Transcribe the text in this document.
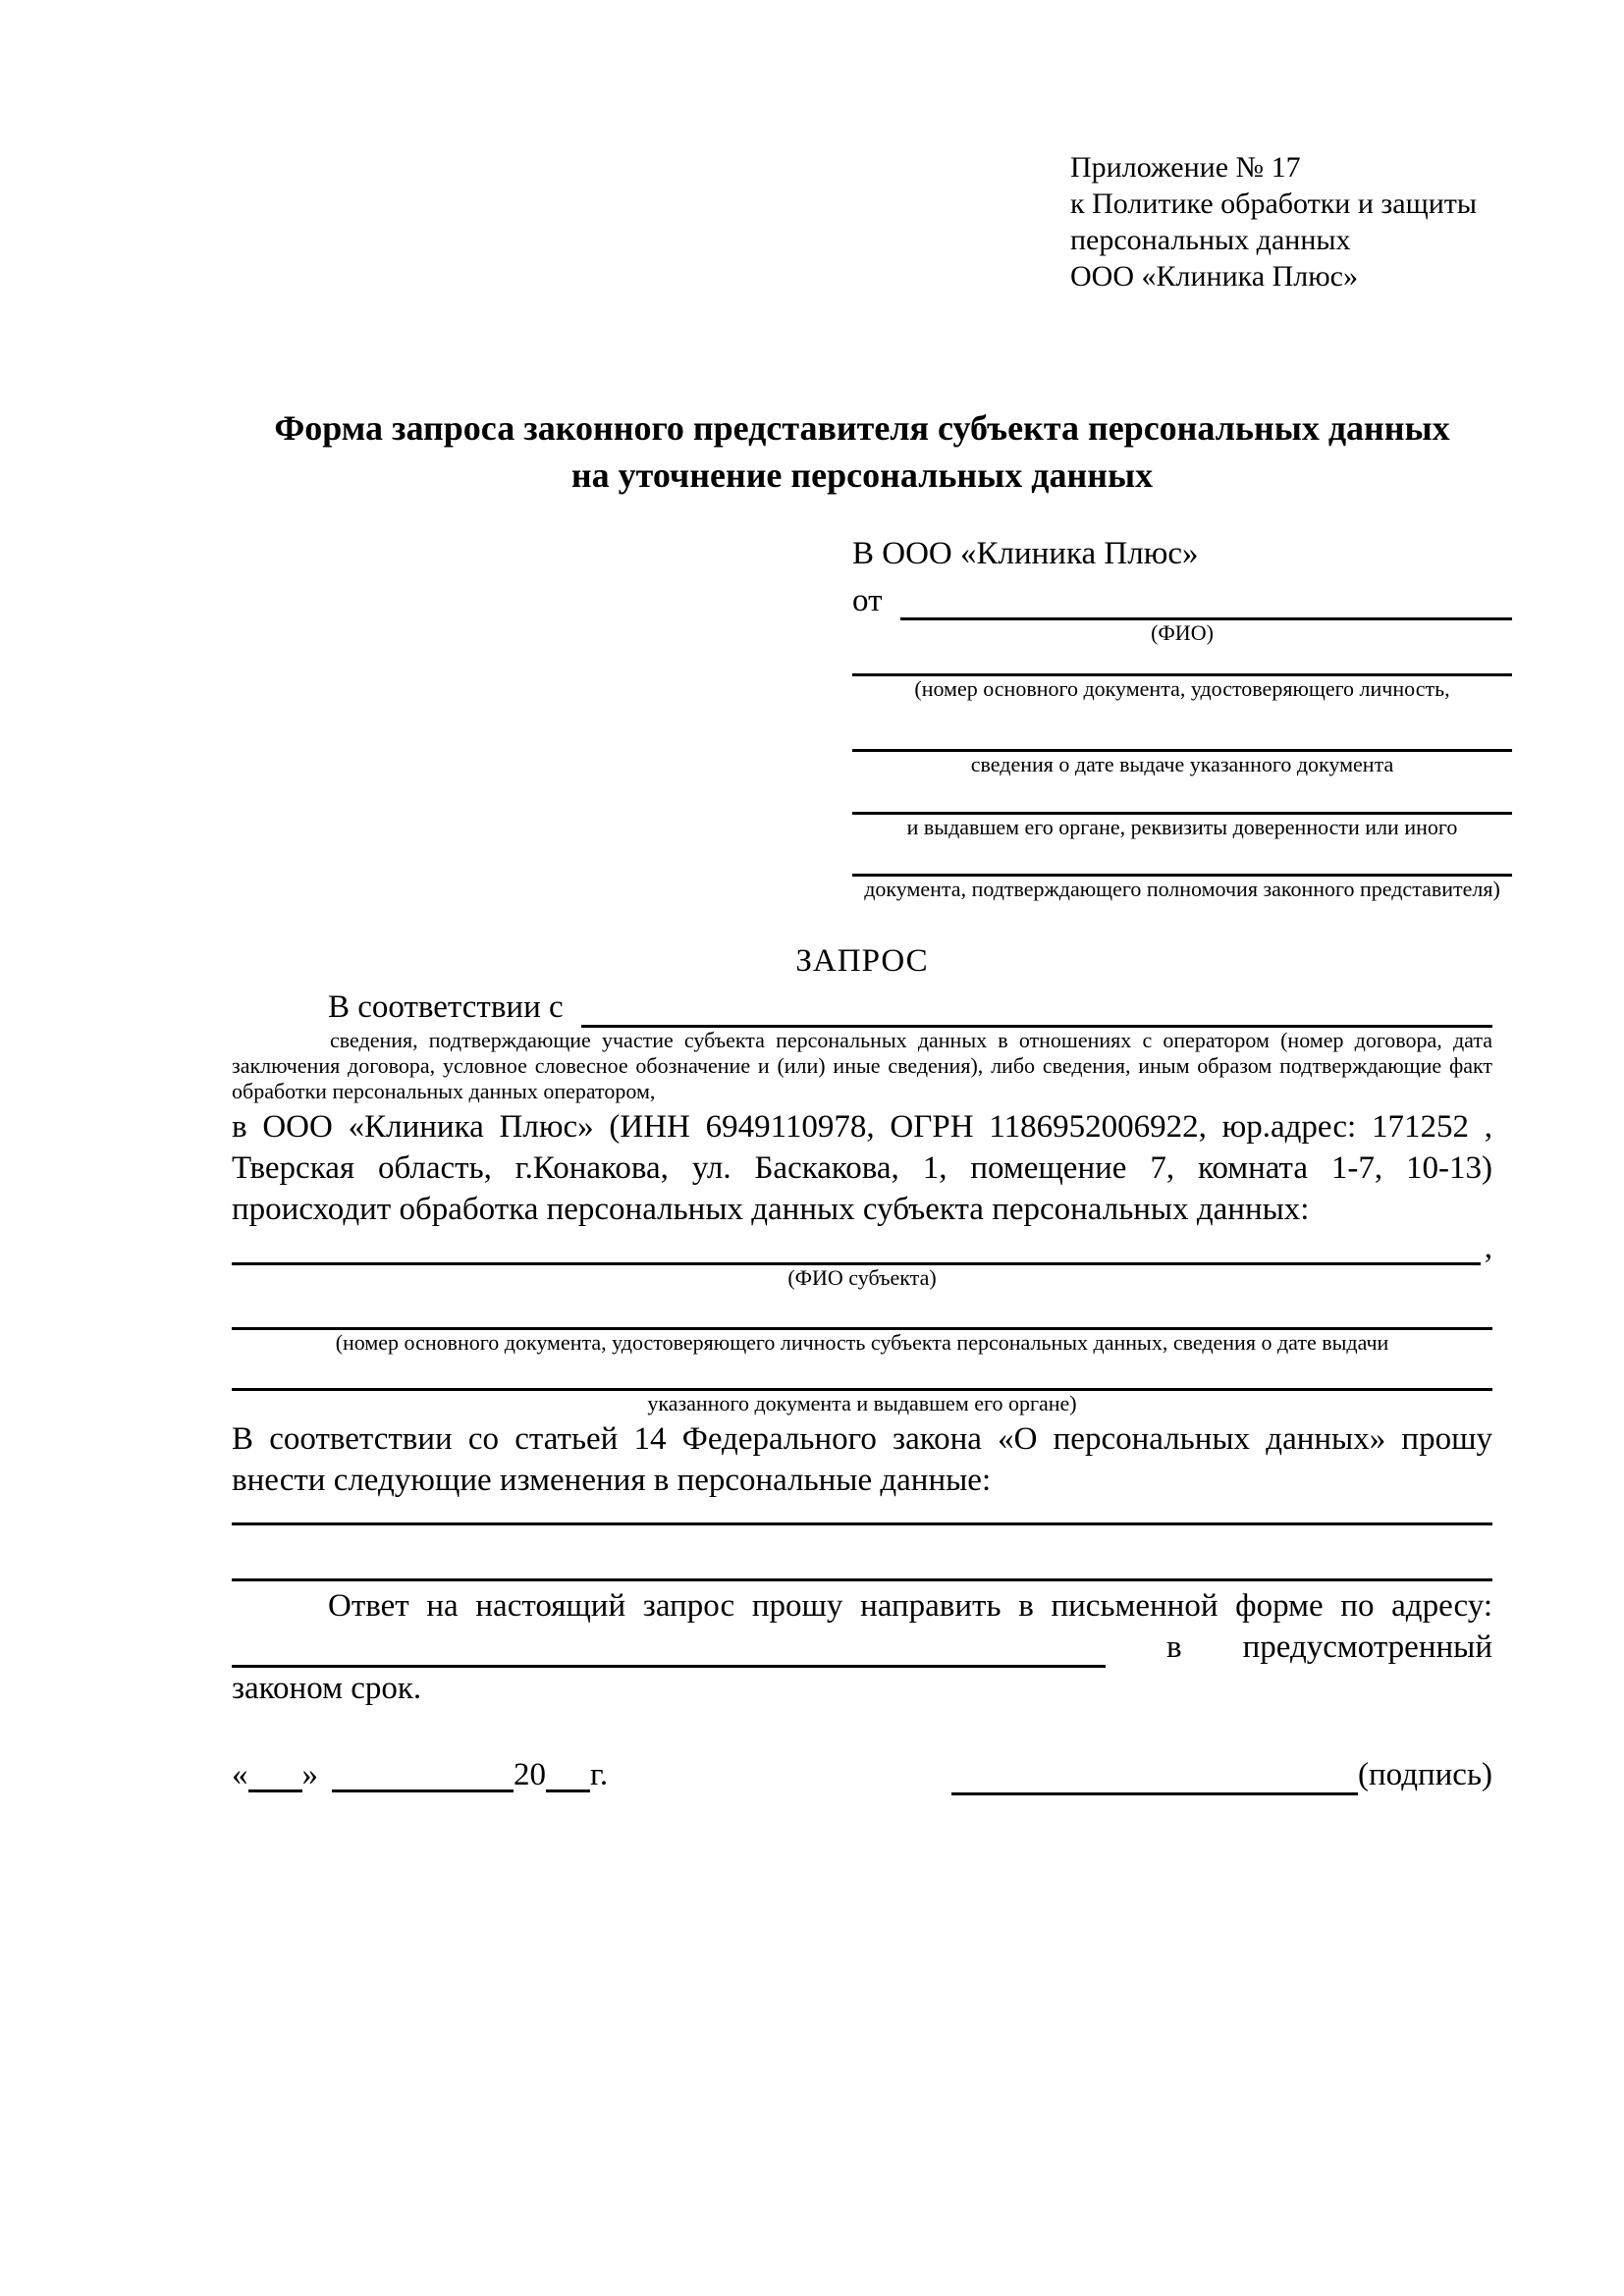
Приложение № 17
к Политике обработки и защиты
персональных данных
ООО «Клиника Плюс»
Форма запроса законного представителя субъекта персональных данных
на уточнение персональных данных
В ООО «Клиника Плюс»
от
(ФИО)
(номер основного документа, удостоверяющего личность,
сведения о дате выдаче указанного документа
и выдавшем его органе, реквизиты доверенности или иного
документа, подтверждающего полномочия законного представителя)
ЗАПРОС
В соответствии с
сведения, подтверждающие участие субъекта персональных данных в отношениях с оператором (номер договора, дата заключения договора, условное словесное обозначение и (или) иные сведения), либо сведения, иным образом подтверждающие факт обработки персональных данных оператором,
в ООО «Клиника Плюс» (ИНН 6949110978, ОГРН 1186952006922, юр.адрес: 171252 , Тверская область, г.Конакова, ул. Баскакова, 1, помещение 7, комната 1-7, 10-13) происходит обработка персональных данных субъекта персональных данных:
,
(ФИО субъекта)
(номер основного документа, удостоверяющего личность субъекта персональных данных, сведения о дате выдачи
указанного документа и выдавшем его органе)
В соответствии со статьей 14 Федерального закона «О персональных данных» прошу внести следующие изменения в персональные данные:
Ответ на настоящий запрос прошу направить в письменной форме по адресу:
в предусмотренный
законом срок.
« »	20 г.	(подпись)
